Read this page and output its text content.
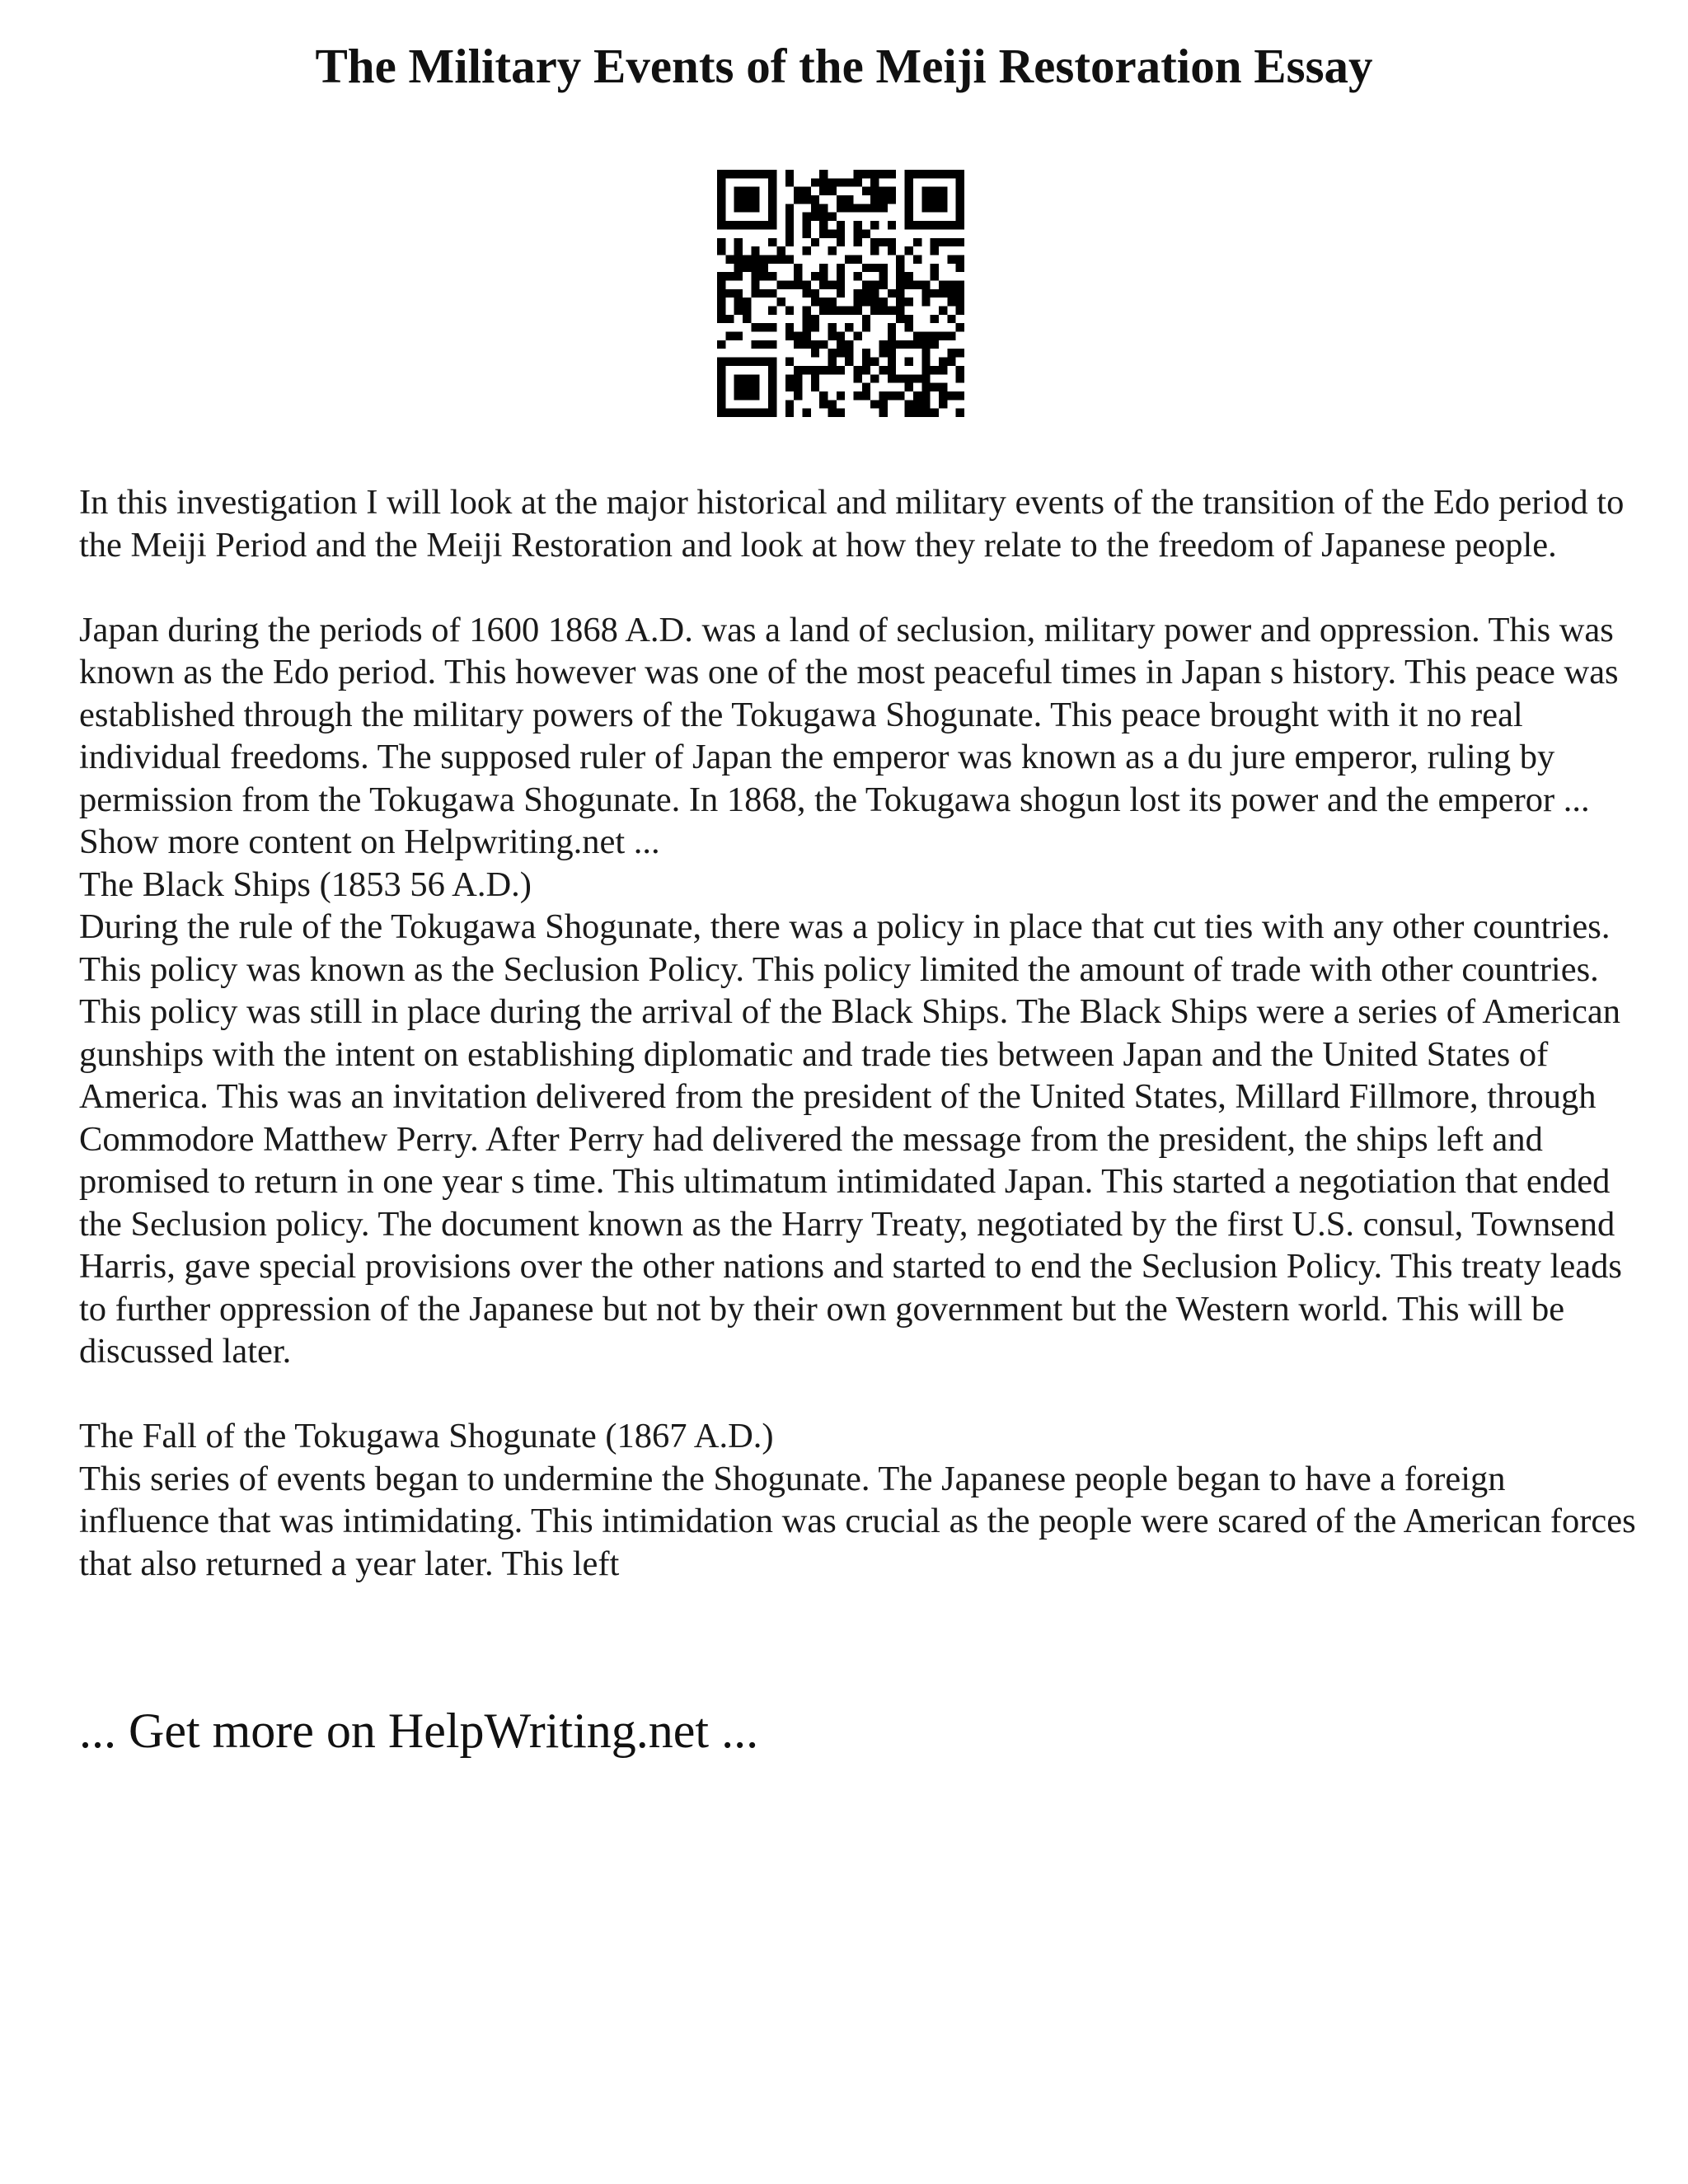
The Military Events of the Meiji Restoration Essay

In this investigation I will look at the major historical and military events of the transition of the Edo period to the Meiji Period and the Meiji Restoration and look at how they relate to the freedom of Japanese people.

Japan during the periods of 1600 1868 A.D. was a land of seclusion, military power and oppression. This was known as the Edo period. This however was one of the most peaceful times in Japan s history. This peace was established through the military powers of the Tokugawa Shogunate. This peace brought with it no real individual freedoms. The supposed ruler of Japan the emperor was known as a du jure emperor, ruling by permission from the Tokugawa Shogunate. In 1868, the Tokugawa shogun lost its power and the emperor ... Show more content on Helpwriting.net ...

The Black Ships (1853 56 A.D.)

During the rule of the Tokugawa Shogunate, there was a policy in place that cut ties with any other countries. This policy was known as the Seclusion Policy. This policy limited the amount of trade with other countries. This policy was still in place during the arrival of the Black Ships. The Black Ships were a series of American gunships with the intent on establishing diplomatic and trade ties between Japan and the United States of America. This was an invitation delivered from the president of the United States, Millard Fillmore, through Commodore Matthew Perry. After Perry had delivered the message from the president, the ships left and promised to return in one year s time. This ultimatum intimidated Japan. This started a negotiation that ended the Seclusion policy. The document known as the Harry Treaty, negotiated by the first U.S. consul, Townsend Harris, gave special provisions over the other nations and started to end the Seclusion Policy. This treaty leads to further oppression of the Japanese but not by their own government but the Western world. This will be discussed later.

The Fall of the Tokugawa Shogunate (1867 A.D.)

This series of events began to undermine the Shogunate. The Japanese people began to have a foreign influence that was intimidating. This intimidation was crucial as the people were scared of the American forces that also returned a year later. This left

... Get more on HelpWriting.net ...
